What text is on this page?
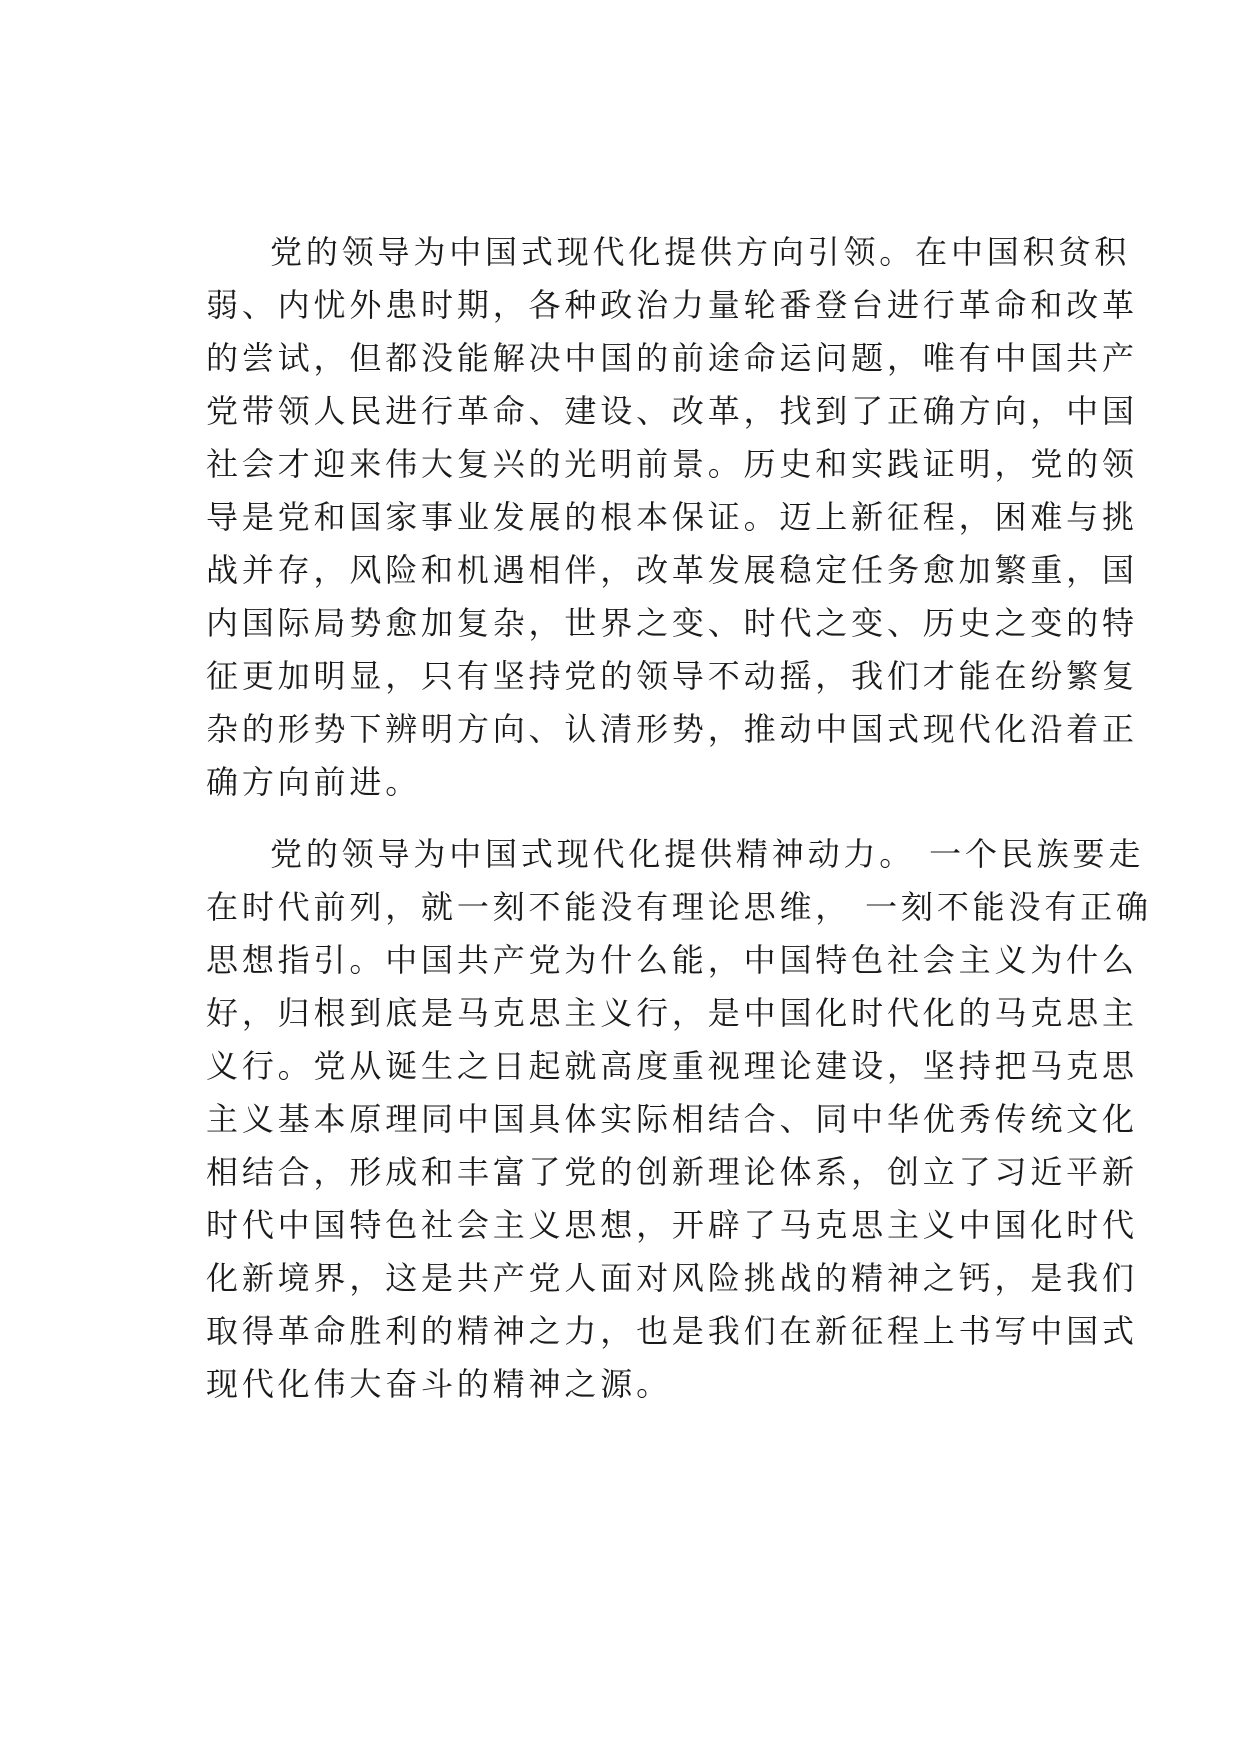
党的领导为中国式现代化提供方向引领。在中国积贫积
弱、内忧外患时期，各种政治力量轮番登台进行革命和改革
的尝试，但都没能解决中国的前途命运问题，唯有中国共产
党带领人民进行革命、建设、改革，找到了正确方向，中国
社会才迎来伟大复兴的光明前景。历史和实践证明，党的领
导是党和国家事业发展的根本保证。迈上新征程，困难与挑
战并存，风险和机遇相伴，改革发展稳定任务愈加繁重，国
内国际局势愈加复杂，世界之变、时代之变、历史之变的特
征更加明显，只有坚持党的领导不动摇，我们才能在纷繁复
杂的形势下辨明方向、认清形势，推动中国式现代化沿着正
确方向前进。
党的领导为中国式现代化提供精神动力。 一个民族要走
在时代前列，就一刻不能没有理论思维， 一刻不能没有正确
思想指引。中国共产党为什么能，中国特色社会主义为什么
好，归根到底是马克思主义行，是中国化时代化的马克思主
义行。党从诞生之日起就高度重视理论建设，坚持把马克思
主义基本原理同中国具体实际相结合、同中华优秀传统文化
相结合，形成和丰富了党的创新理论体系，创立了习近平新
时代中国特色社会主义思想，开辟了马克思主义中国化时代
化新境界，这是共产党人面对风险挑战的精神之钙，是我们
取得革命胜利的精神之力，也是我们在新征程上书写中国式
现代化伟大奋斗的精神之源。
